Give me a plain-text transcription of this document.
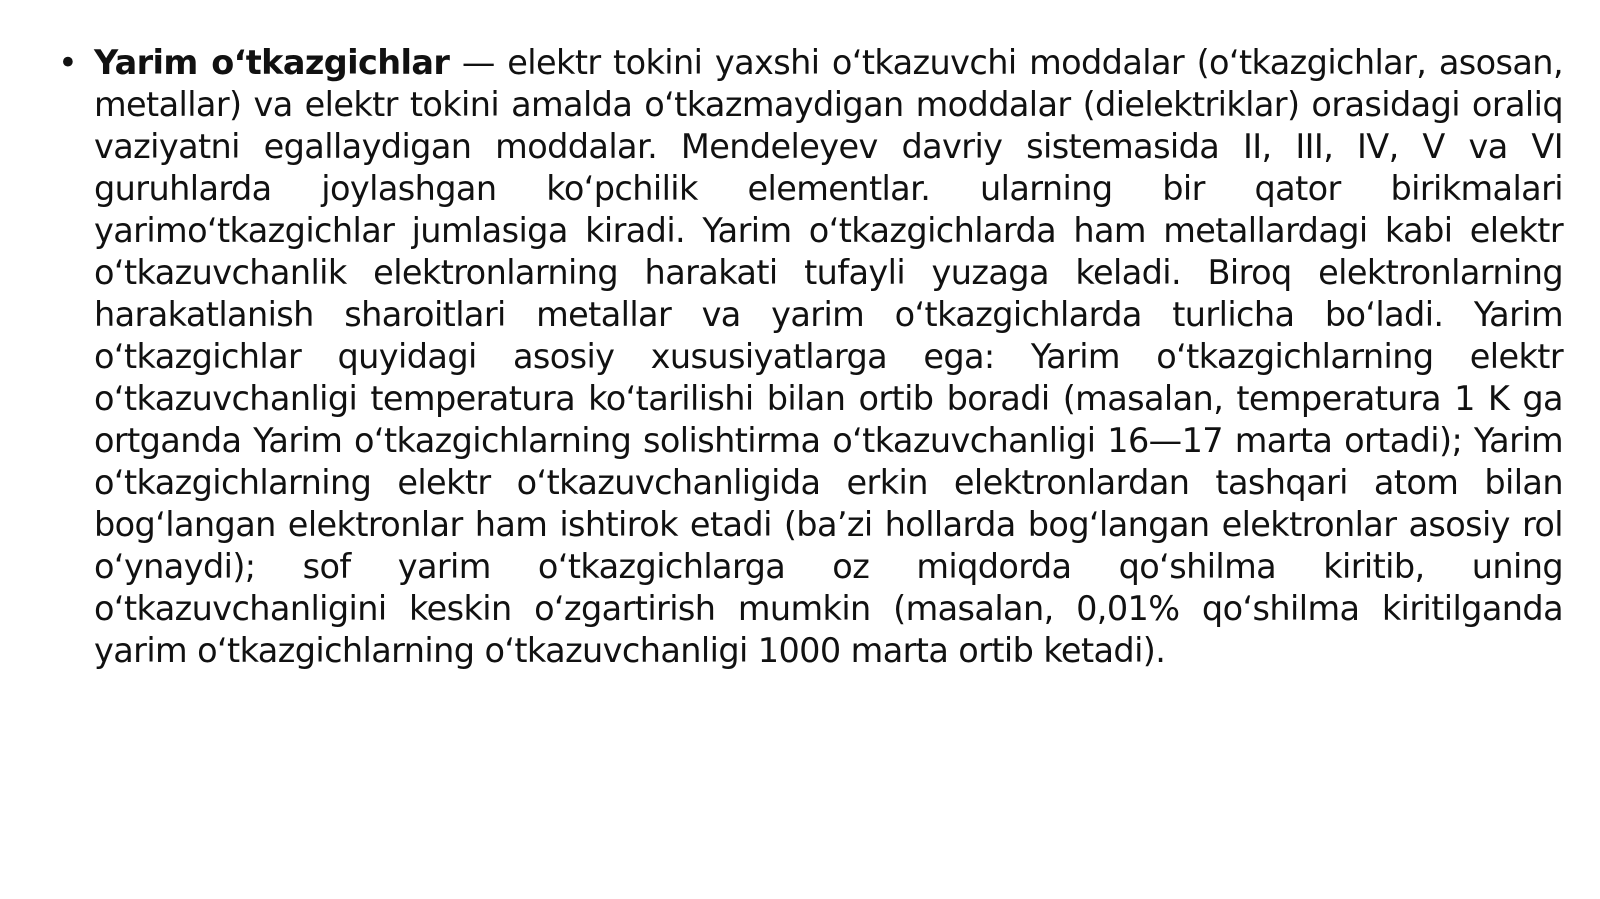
• Yarim oʻtkazgichlar — elektr tokini yaxshi oʻtkazuvchi moddalar (oʻtkazgichlar, asosan, metallar) va elektr tokini amalda oʻtkazmaydigan moddalar (dielektriklar) orasidagi oraliq vaziyatni egallaydigan moddalar. Mendeleyev davriy sistemasida II, III, IV, V va VI guruhlarda joylashgan koʻpchilik elementlar. ularning bir qator birikmalari yarimoʻtkazgichlar jumlasiga kiradi. Yarim oʻtkazgichlarda ham metallardagi kabi elektr oʻtkazuvchanlik elektronlarning harakati tufayli yuzaga keladi. Biroq elektronlarning harakatlanish sharoitlari metallar va yarim oʻtkazgichlarda turlicha boʻladi. Yarim oʻtkazgichlar quyidagi asosiy xususiyatlarga ega: Yarim oʻtkazgichlarning elektr oʻtkazuvchanligi temperatura koʻtarilishi bilan ortib boradi (masalan, temperatura 1 K ga ortganda Yarim oʻtkazgichlarning solishtirma oʻtkazuvchanligi 16—17 marta ortadi); Yarim oʻtkazgichlarning elektr oʻtkazuvchanligida erkin elektronlardan tashqari atom bilan bogʻlangan elektronlar ham ishtirok etadi (baʼzi hollarda bogʻlangan elektronlar asosiy rol oʻynaydi); sof yarim oʻtkazgichlarga oz miqdorda qoʻshilma kiritib, uning oʻtkazuvchanligini keskin oʻzgartirish mumkin (masalan, 0,01% qoʻshilma kiritilganda yarim oʻtkazgichlarning oʻtkazuvchanligi 1000 marta ortib ketadi).
